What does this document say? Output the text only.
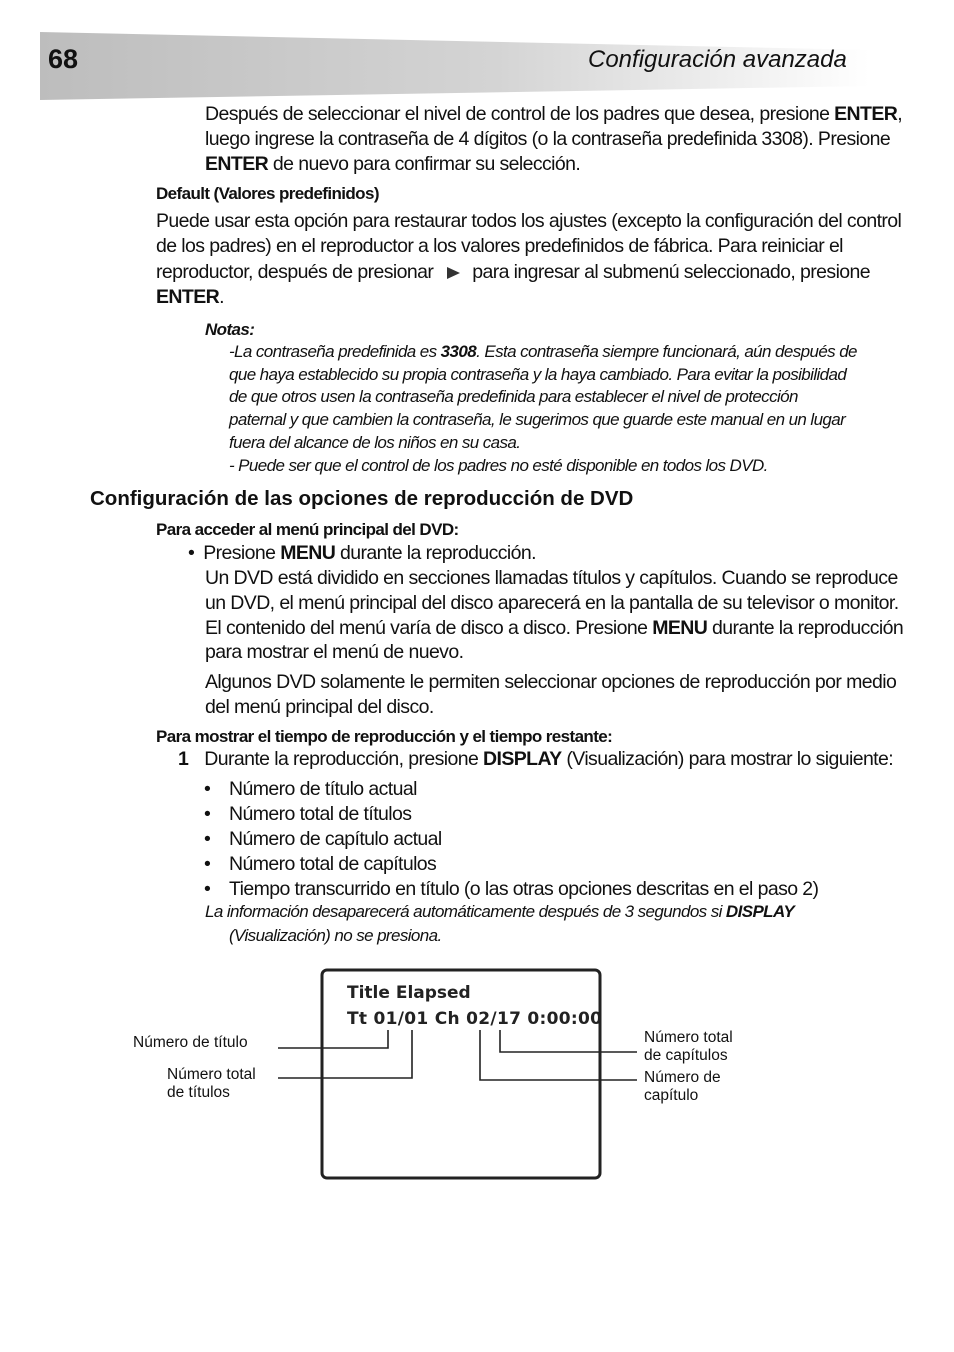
68	Configuración avanzada
Después de seleccionar el nivel de control de los padres que desea, presione ENTER,
luego ingrese la contraseña de 4 dígitos (o la contraseña predefinida 3308). Presione
ENTER de nuevo para confirmar su selección.
Default (Valores predefinidos)
Puede usar esta opción para restaurar todos los ajustes (excepto la configuración del control
de los padres) en el reproductor a los valores predefinidos de fábrica. Para reiniciar el
reproductor, después de presionar para ingresar al submenú seleccionado, presione
ENTER.
Notas:
-La contraseña predefinida es 3308. Esta contraseña siempre funcionará, aún después de
que haya establecido su propia contraseña y la haya cambiado. Para evitar la posibilidad
de que otros usen la contraseña predefinida para establecer el nivel de protección
paternal y que cambien la contraseña, le sugerimos que guarde este manual en un lugar
fuera del alcance de los niños en su casa.
- Puede ser que el control de los padres no esté disponible en todos los DVD.
Configuración de las opciones de reproducción de DVD
Para acceder al menú principal del DVD:
• Presione MENU durante la reproducción.
Un DVD está dividido en secciones llamadas títulos y capítulos. Cuando se reproduce
un DVD, el menú principal del disco aparecerá en la pantalla de su televisor o monitor.
El contenido del menú varía de disco a disco. Presione MENU durante la reproducción
para mostrar el menú de nuevo.
Algunos DVD solamente le permiten seleccionar opciones de reproducción por medio
del menú principal del disco.
Para mostrar el tiempo de reproducción y el tiempo restante:
1 Durante la reproducción, presione DISPLAY (Visualización) para mostrar lo siguiente:
• Número de título actual
• Número total de títulos
• Número de capítulo actual
• Número total de capítulos
• Tiempo transcurrido en título (o las otras opciones descritas en el paso 2)
La información desaparecerá automáticamente después de 3 segundos si DISPLAY
(Visualización) no se presiona.
Title Elapsed
Tt 01/01 Ch 02/17 0:00:00
Número de título
Número total
de títulos
Número total
de capítulos
Número de
capítulo
